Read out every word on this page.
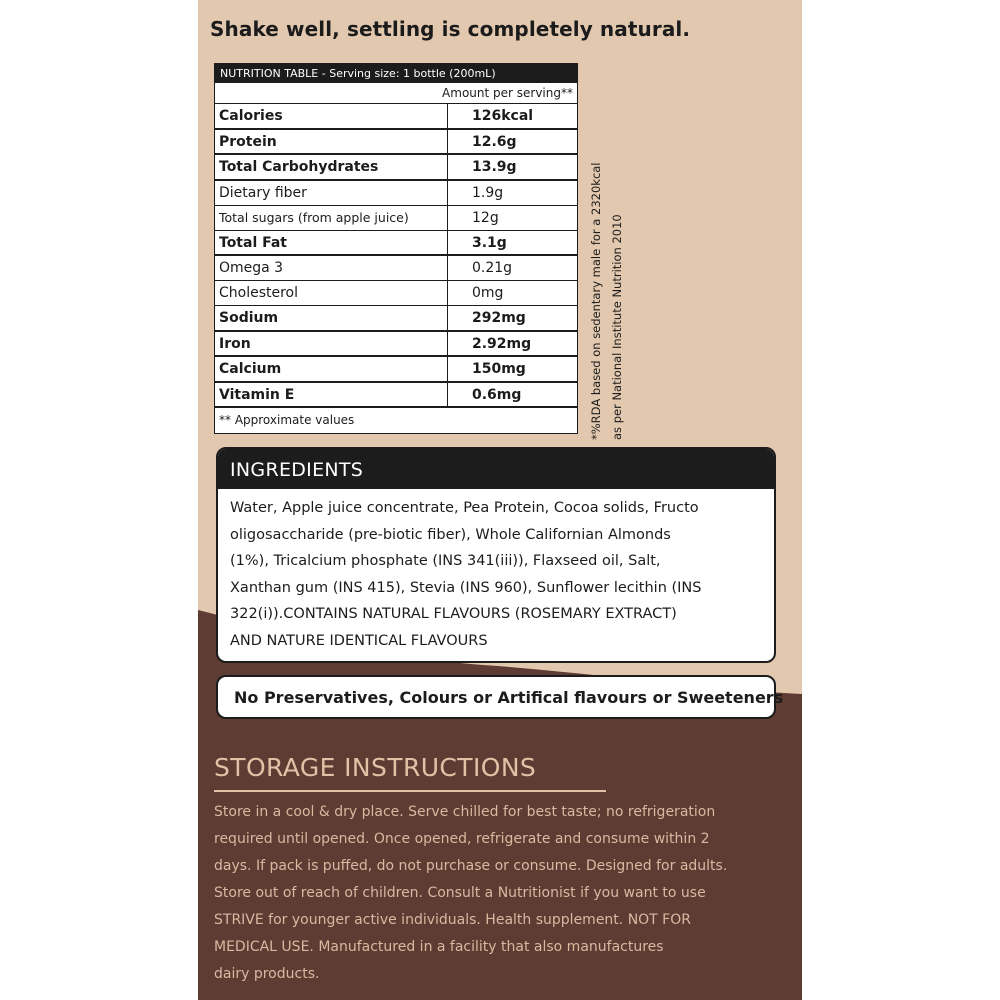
Shake well, settling is completely natural.
NUTRITION TABLE - Serving size: 1 bottle (200mL)
Amount per serving**
Calories	126kcal
Protein	12.6g
Total Carbohydrates	13.9g
Dietary fiber	1.9g
Total sugars (from apple juice)	12g
Total Fat	3.1g
Omega 3	0.21g
Cholesterol	0mg
Sodium	292mg
Iron	2.92mg
Calcium	150mg
Vitamin E	0.6mg
** Approximate values	*%RDA based on sedentary male for a 2320kcal as per National Institute Nutrition 2010
INGREDIENTS
Water, Apple juice concentrate, Pea Protein, Cocoa solids, Fructo
oligosaccharide (pre-biotic fiber), Whole Californian Almonds
(1%), Tricalcium phosphate (INS 341(iii)), Flaxseed oil, Salt,
Xanthan gum (INS 415), Stevia (INS 960), Sunflower lecithin (INS
322(i)).CONTAINS NATURAL FLAVOURS (ROSEMARY EXTRACT)
AND NATURE IDENTICAL FLAVOURS
No Preservatives, Colours or Artifical flavours or Sweeteners
STORAGE INSTRUCTIONS
Store in a cool & dry place. Serve chilled for best taste; no refrigeration
required until opened. Once opened, refrigerate and consume within 2
days. If pack is puffed, do not purchase or consume. Designed for adults.
Store out of reach of children. Consult a Nutritionist if you want to use
STRIVE for younger active individuals. Health supplement. NOT FOR
MEDICAL USE. Manufactured in a facility that also manufactures
dairy products.
